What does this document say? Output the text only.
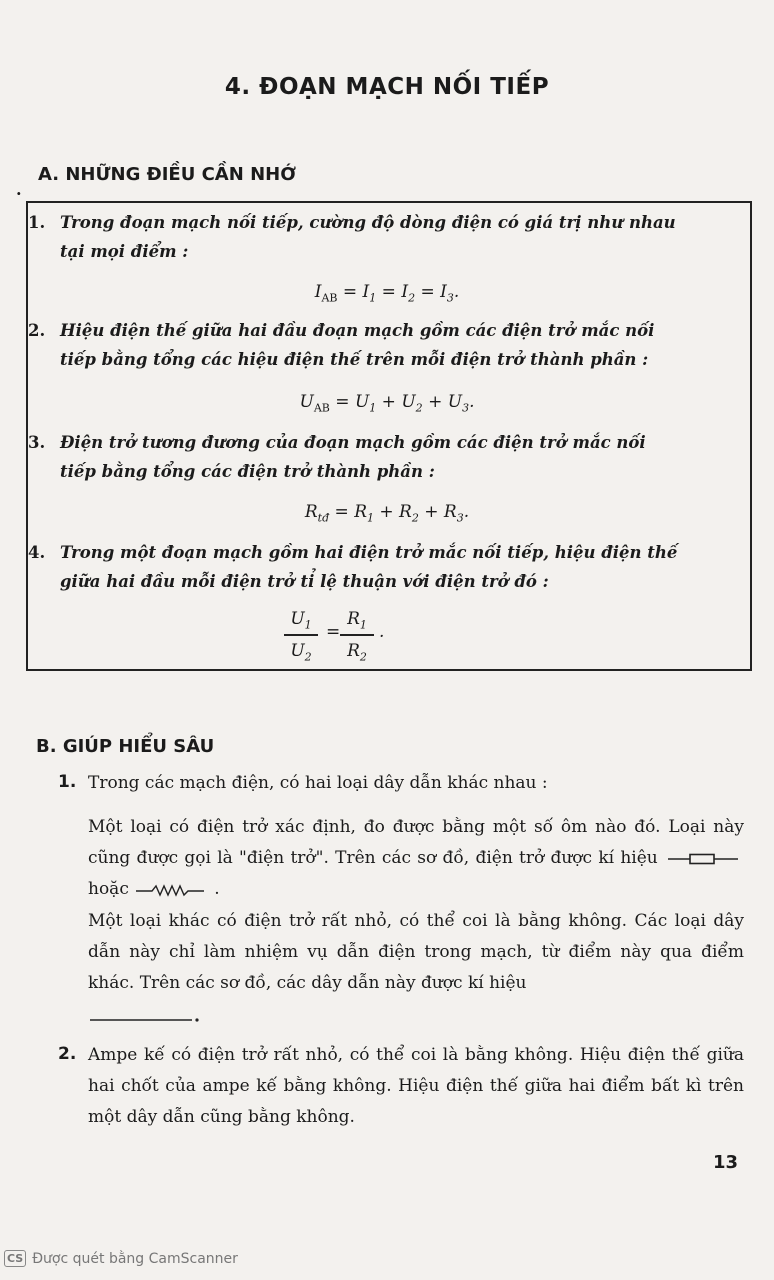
4. ĐOẠN MẠCH NỐI TIẾP
.
A. NHỮNG ĐIỀU CẦN NHỚ
1. Trong đoạn mạch nối tiếp, cường độ dòng điện có giá trị như nhau
tại mọi điểm :
$I_{AB} = I_1 = I_2 = I_3$.
2. Hiệu điện thế giữa hai đầu đoạn mạch gồm các điện trở mắc nối
tiếp bằng tổng các hiệu điện thế trên mỗi điện trở thành phần :
$U_{AB} = U_1 + U_2 + U_3$.
3. Điện trở tương đương của đoạn mạch gồm các điện trở mắc nối
tiếp bằng tổng các điện trở thành phần :
$R_{tđ} = R_1 + R_2 + R_3$.
4. Trong một đoạn mạch gồm hai điện trở mắc nối tiếp, hiệu điện thế
giữa hai đầu mỗi điện trở tỉ lệ thuận với điện trở đó :
$U_1$
$U_2$
=
$R_1$
$R_2$
.
B. GIÚP HIỂU SÂU
1. Trong các mạch điện, có hai loại dây dẫn khác nhau :
Một loại có điện trở xác định, đo được bằng một số ôm nào đó. Loại này cũng được gọi là "điện trở". Trên các sơ đồ, điện trở được kí hiệu  hoặc	.
Một loại khác có điện trở rất nhỏ, có thể coi là bằng không. Các loại dây dẫn này chỉ làm nhiệm vụ dẫn điện trong mạch, từ điểm này qua điểm khác. Trên các sơ đồ, các dây dẫn này được kí hiệu
2. Ampe kế có điện trở rất nhỏ, có thể coi là bằng không. Hiệu điện thế giữa hai chốt của ampe kế bằng không. Hiệu điện thế giữa hai điểm bất kì trên một dây dẫn cũng bằng không.
13
CS Được quét bằng CamScanner
